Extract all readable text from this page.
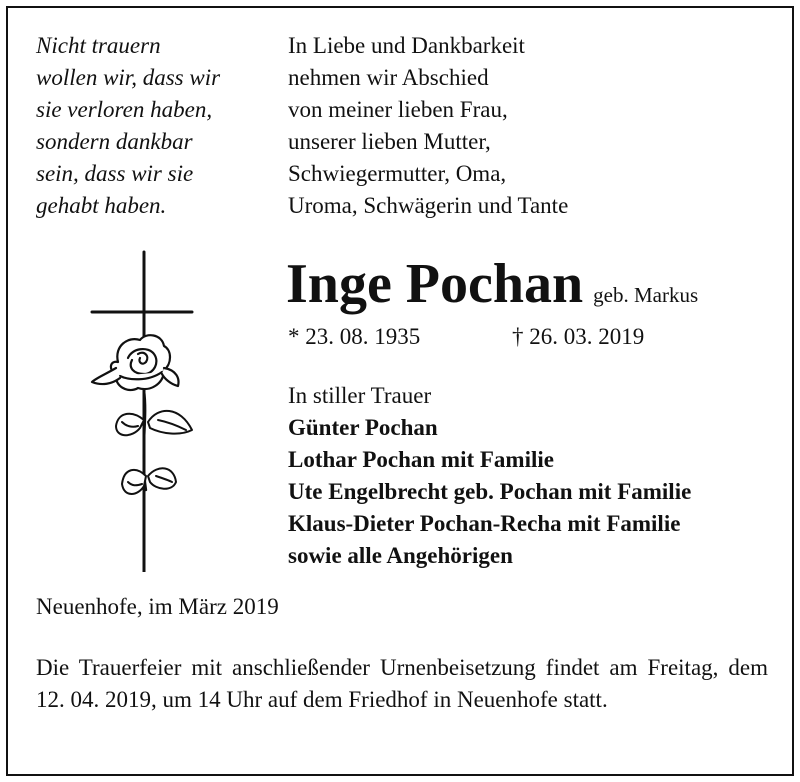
Nicht trauern
wollen wir, dass wir
sie verloren haben,
sondern dankbar
sein, dass wir sie
gehabt haben.
In Liebe und Dankbarkeit
nehmen wir Abschied
von meiner lieben Frau,
unserer lieben Mutter,
Schwiegermutter, Oma,
Uroma, Schwägerin und Tante
Inge Pochan geb. Markus
* 23. 08. 1935	† 26. 03. 2019
In stiller Trauer
Günter Pochan
Lothar Pochan mit Familie
Ute Engelbrecht geb. Pochan mit Familie
Klaus-Dieter Pochan-Recha mit Familie
sowie alle Angehörigen
Neuenhofe, im März 2019
Die Trauerfeier mit anschließender Urnenbeisetzung findet am Freitag, dem 12. 04. 2019, um 14 Uhr auf dem Friedhof in Neuenhofe statt.
